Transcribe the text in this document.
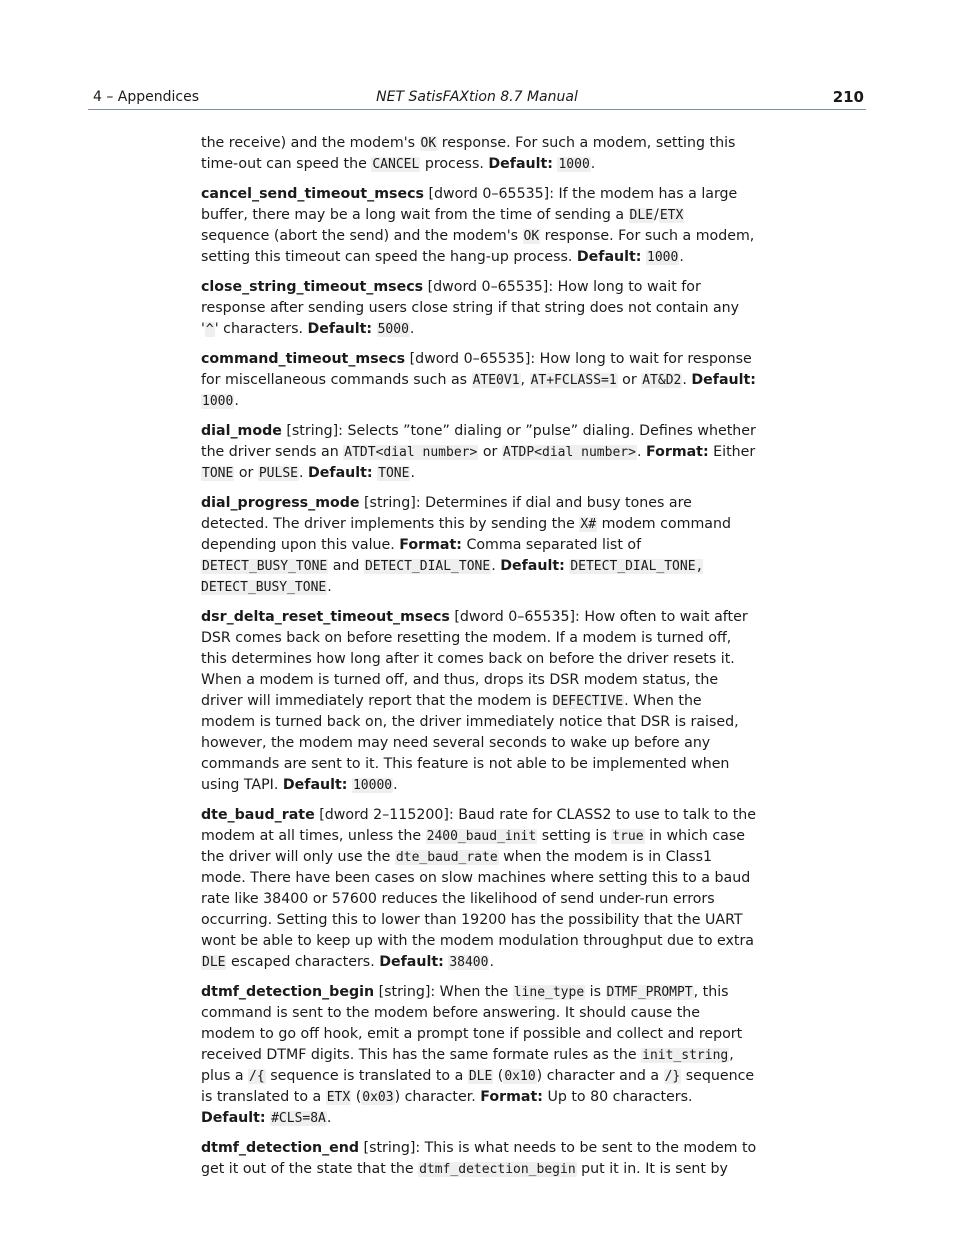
4 – Appendices	NET SatisFAXtion 8.7 Manual	210

the receive) and the modem's OK response. For such a modem, setting this time-out can speed the CANCEL process. Default: 1000.

cancel_send_timeout_msecs [dword 0–65535]: If the modem has a large buffer, there may be a long wait from the time of sending a DLE/ETX sequence (abort the send) and the modem's OK response. For such a modem, setting this timeout can speed the hang-up process. Default: 1000.

close_string_timeout_msecs [dword 0–65535]: How long to wait for response after sending users close string if that string does not contain any '^' characters. Default: 5000.

command_timeout_msecs [dword 0–65535]: How long to wait for response for miscellaneous commands such as ATE0V1, AT+FCLASS=1 or AT&D2. Default: 1000.

dial_mode [string]: Selects ”tone” dialing or ”pulse” dialing. Defines whether the driver sends an ATDT<dial number> or ATDP<dial number>. Format: Either TONE or PULSE. Default: TONE.

dial_progress_mode [string]: Determines if dial and busy tones are detected. The driver implements this by sending the X# modem command depending upon this value. Format: Comma separated list of DETECT_BUSY_TONE and DETECT_DIAL_TONE. Default: DETECT_DIAL_TONE, DETECT_BUSY_TONE.

dsr_delta_reset_timeout_msecs [dword 0–65535]: How often to wait after DSR comes back on before resetting the modem. If a modem is turned off, this determines how long after it comes back on before the driver resets it. When a modem is turned off, and thus, drops its DSR modem status, the driver will immediately report that the modem is DEFECTIVE. When the modem is turned back on, the driver immediately notice that DSR is raised, however, the modem may need several seconds to wake up before any commands are sent to it. This feature is not able to be implemented when using TAPI. Default: 10000.

dte_baud_rate [dword 2–115200]: Baud rate for CLASS2 to use to talk to the modem at all times, unless the 2400_baud_init setting is true in which case the driver will only use the dte_baud_rate when the modem is in Class1 mode. There have been cases on slow machines where setting this to a baud rate like 38400 or 57600 reduces the likelihood of send under-run errors occurring. Setting this to lower than 19200 has the possibility that the UART wont be able to keep up with the modem modulation throughput due to extra DLE escaped characters. Default: 38400.

dtmf_detection_begin [string]: When the line_type is DTMF_PROMPT, this command is sent to the modem before answering. It should cause the modem to go off hook, emit a prompt tone if possible and collect and report received DTMF digits. This has the same formate rules as the init_string, plus a /{ sequence is translated to a DLE (0x10) character and a /} sequence is translated to a ETX (0x03) character. Format: Up to 80 characters. Default: #CLS=8A.

dtmf_detection_end [string]: This is what needs to be sent to the modem to get it out of the state that the dtmf_detection_begin put it in. It is sent by
